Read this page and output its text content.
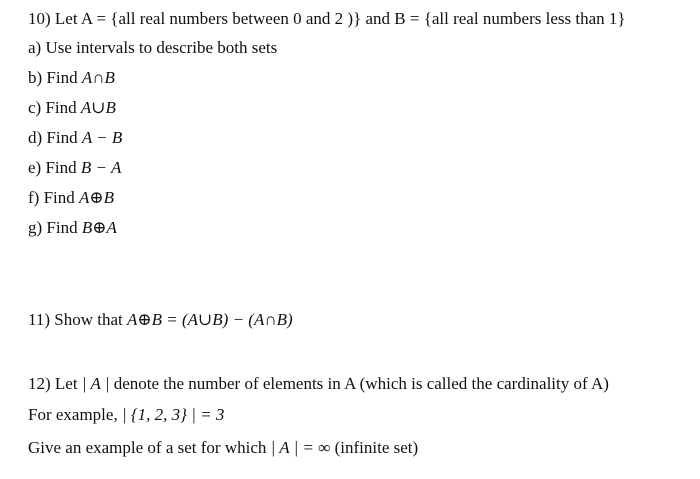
10) Let A = {all real numbers between 0 and 2 )} and B = {all real numbers less than 1}
a) Use intervals to describe both sets
b) Find A∩B
c) Find A∪B
d) Find A − B
e) Find B − A
f) Find A⊕B
g) Find B⊕A
11) Show that A⊕B = (A∪B) − (A∩B)
12) Let | A | denote the number of elements in A (which is called the cardinality of A)
For example, | {1, 2, 3} | = 3
Give an example of a set for which | A | = ∞ (infinite set)
